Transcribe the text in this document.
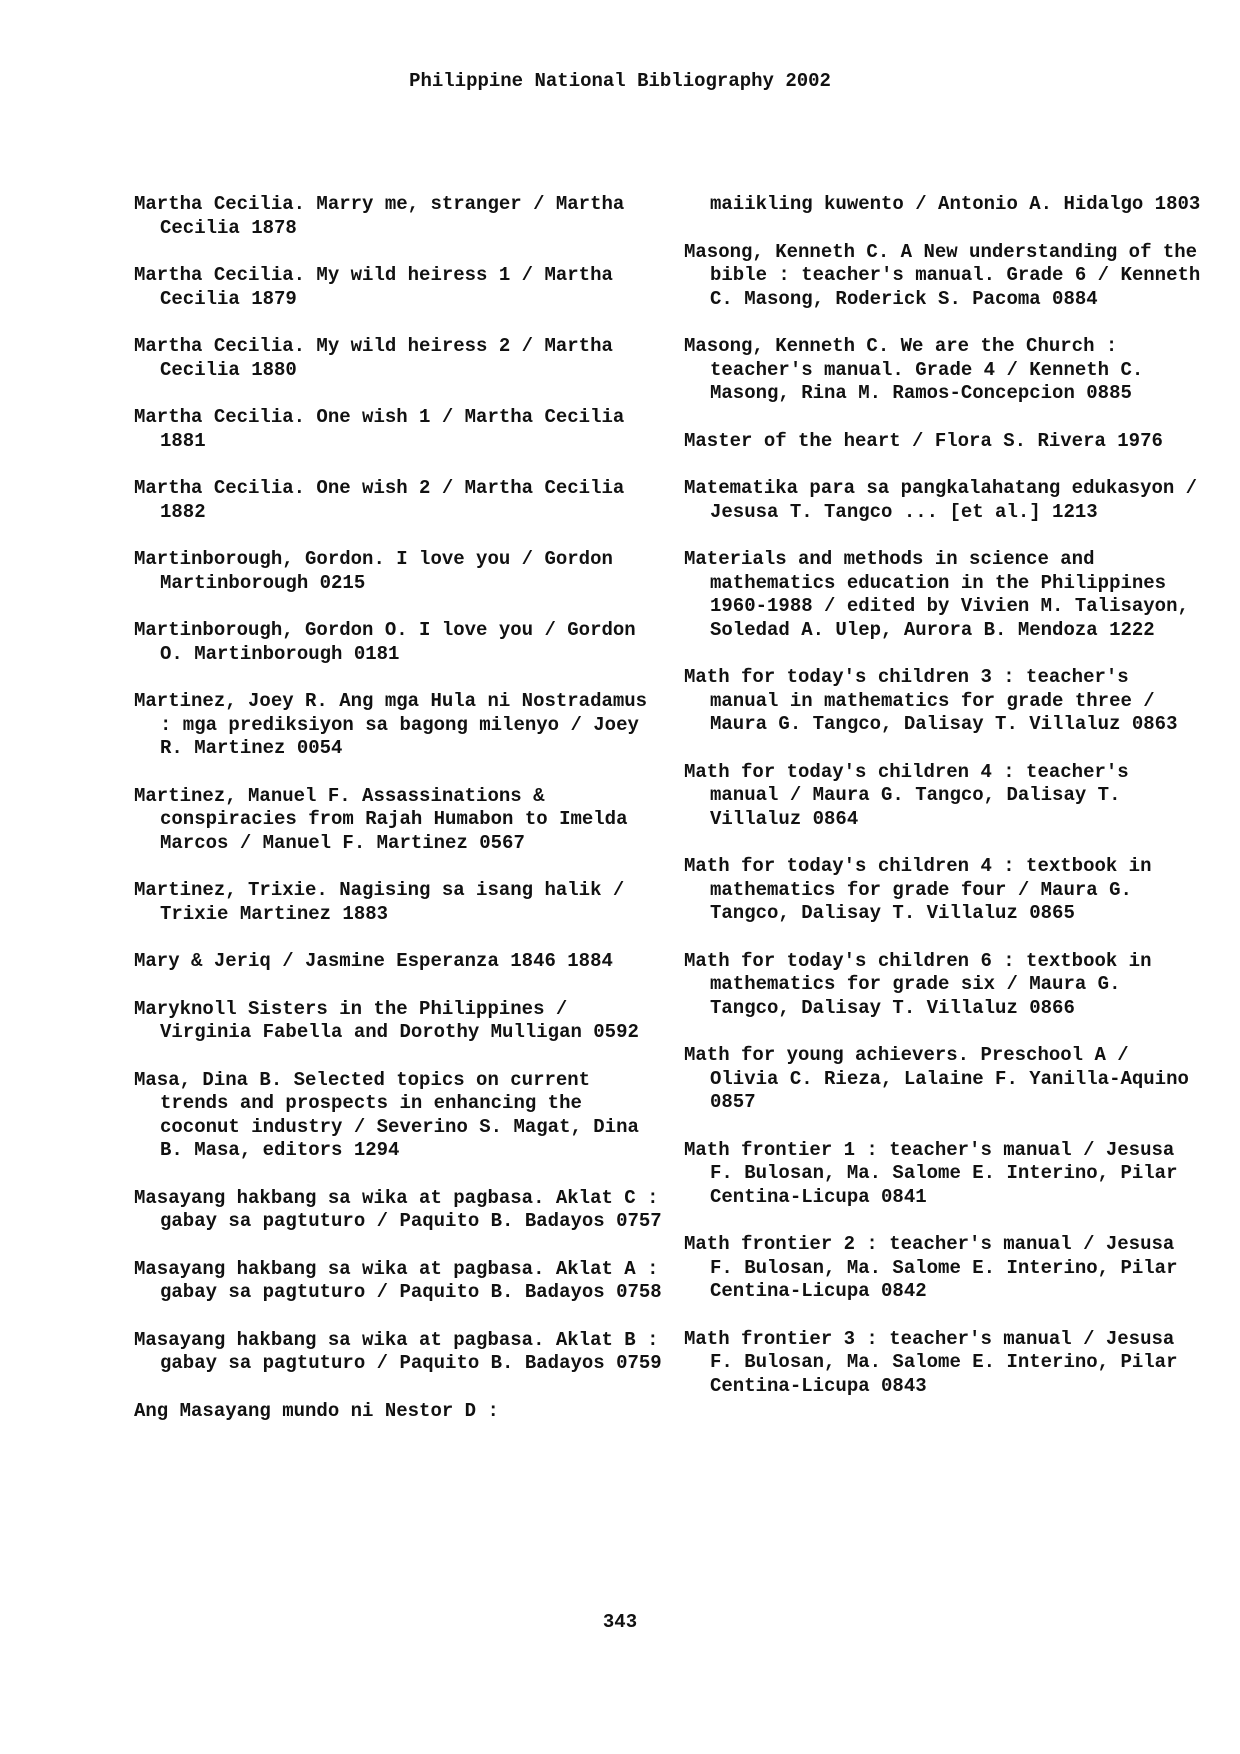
Philippine National Bibliography 2002
Martha Cecilia. Marry me, stranger / Martha Cecilia 1878
Martha Cecilia. My wild heiress 1 / Martha Cecilia 1879
Martha Cecilia. My wild heiress 2 / Martha Cecilia 1880
Martha Cecilia. One wish 1 / Martha Cecilia 1881
Martha Cecilia. One wish 2 / Martha Cecilia 1882
Martinborough, Gordon. I love you / Gordon Martinborough 0215
Martinborough, Gordon O. I love you / Gordon O. Martinborough 0181
Martinez, Joey R. Ang mga Hula ni Nostradamus : mga prediksiyon sa bagong milenyo / Joey R. Martinez 0054
Martinez, Manuel F. Assassinations & conspiracies from Rajah Humabon to Imelda Marcos / Manuel F. Martinez 0567
Martinez, Trixie. Nagising sa isang halik / Trixie Martinez 1883
Mary & Jeriq / Jasmine Esperanza 1846 1884
Maryknoll Sisters in the Philippines / Virginia Fabella and Dorothy Mulligan 0592
Masa, Dina B. Selected topics on current trends and prospects in enhancing the coconut industry / Severino S. Magat, Dina B. Masa, editors 1294
Masayang hakbang sa wika at pagbasa. Aklat C : gabay sa pagtuturo / Paquito B. Badayos 0757
Masayang hakbang sa wika at pagbasa. Aklat A : gabay sa pagtuturo / Paquito B. Badayos 0758
Masayang hakbang sa wika at pagbasa. Aklat B : gabay sa pagtuturo / Paquito B. Badayos 0759
Ang Masayang mundo ni Nestor D :
maiikling kuwento / Antonio A. Hidalgo 1803
Masong, Kenneth C. A New understanding of the bible : teacher's manual. Grade 6 / Kenneth C. Masong, Roderick S. Pacoma 0884
Masong, Kenneth C. We are the Church : teacher's manual. Grade 4 / Kenneth C. Masong, Rina M. Ramos-Concepcion 0885
Master of the heart / Flora S. Rivera 1976
Matematika para sa pangkalahatang edukasyon / Jesusa T. Tangco ... [et al.] 1213
Materials and methods in science and mathematics education in the Philippines 1960-1988 / edited by Vivien M. Talisayon, Soledad A. Ulep, Aurora B. Mendoza 1222
Math for today's children 3 : teacher's manual in mathematics for grade three / Maura G. Tangco, Dalisay T. Villaluz 0863
Math for today's children 4 : teacher's manual / Maura G. Tangco, Dalisay T. Villaluz 0864
Math for today's children 4 : textbook in mathematics for grade four / Maura G. Tangco, Dalisay T. Villaluz 0865
Math for today's children 6 : textbook in mathematics for grade six / Maura G. Tangco, Dalisay T. Villaluz 0866
Math for young achievers. Preschool A / Olivia C. Rieza, Lalaine F. Yanilla-Aquino 0857
Math frontier 1 : teacher's manual / Jesusa F. Bulosan, Ma. Salome E. Interino, Pilar Centina-Licupa 0841
Math frontier 2 : teacher's manual / Jesusa F. Bulosan, Ma. Salome E. Interino, Pilar Centina-Licupa 0842
Math frontier 3 : teacher's manual / Jesusa F. Bulosan, Ma. Salome E. Interino, Pilar Centina-Licupa 0843
343
